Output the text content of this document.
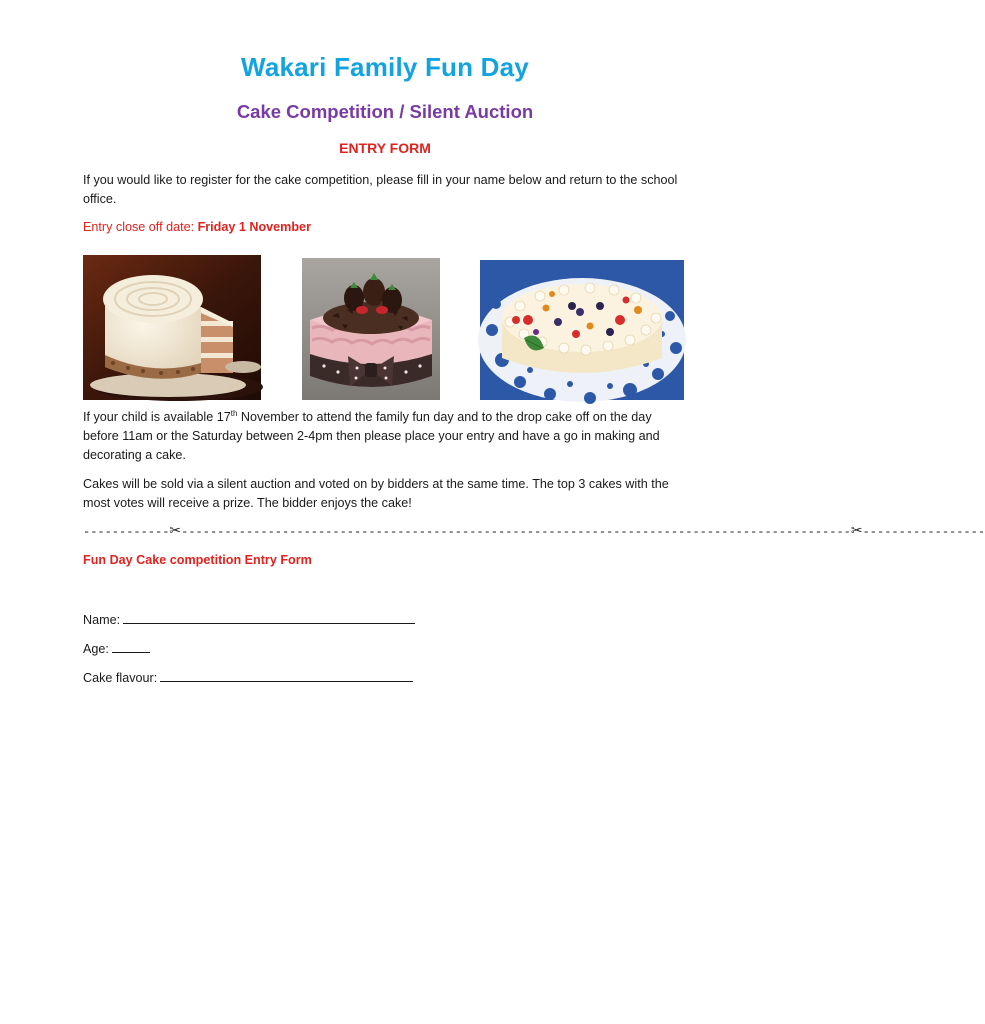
Wakari Family Fun Day
Cake Competition / Silent Auction
ENTRY FORM
If you would like to register for the cake competition, please fill in your name below and return to the school office.
Entry close off date: Friday 1 November
If your child is available 17th November to attend the family fun day and to the drop cake off on the day before 11am or the Saturday between 2-4pm then please place your entry and have a go in making and decorating a cake.
Cakes will be sold via a silent auction and voted on by bidders at the same time. The top 3 cakes with the most votes will receive a prize. The bidder enjoys the cake!
------------✂---------------------------------------------------------------------------------------------✂-----------------
Fun Day Cake competition Entry Form
Name:
Age:
Cake flavour:
